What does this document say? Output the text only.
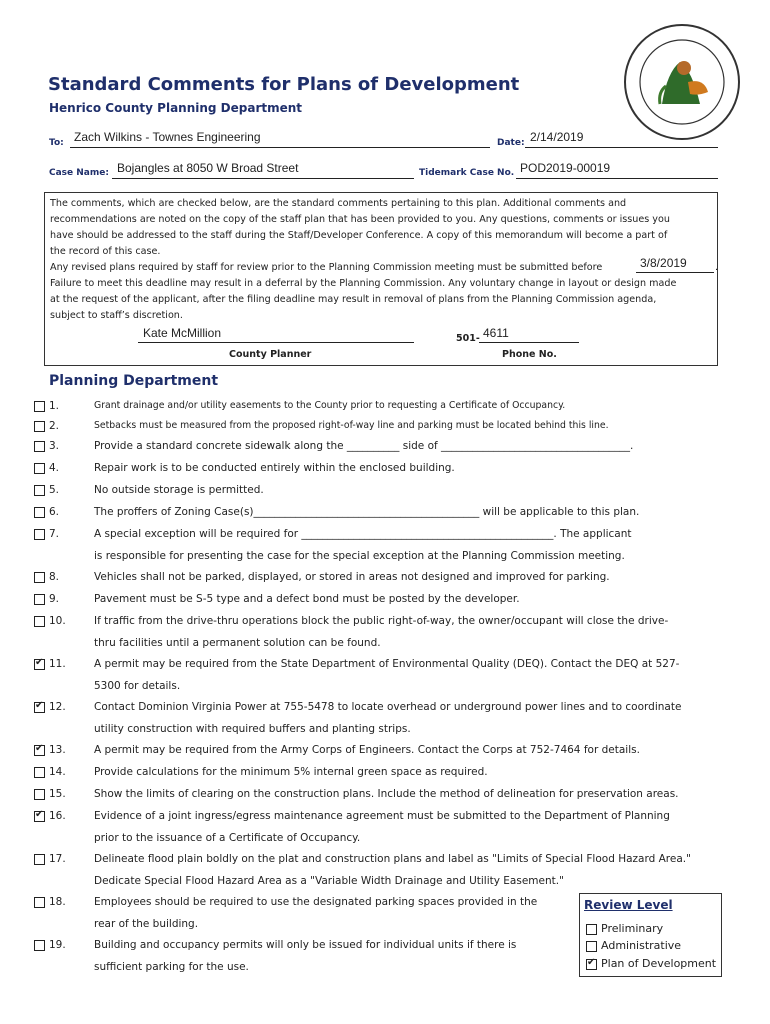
Standard Comments for Plans of Development
Henrico County Planning Department
To: Zach Wilkins - Townes Engineering	Date: 2/14/2019
Case Name: Bojangles at 8050 W Broad Street	Tidemark Case No. POD2019-00019
The comments, which are checked below, are the standard comments pertaining to this plan. Additional comments and
recommendations are noted on the copy of the staff plan that has been provided to you. Any questions, comments or issues you
have should be addressed to the staff during the Staff/Developer Conference. A copy of this memorandum will become a part of
the record of this case.
Any revised plans required by staff for review prior to the Planning Commission meeting must be submitted before	3/8/2019	.
Failure to meet this deadline may result in a deferral by the Planning Commission. Any voluntary change in layout or design made
at the request of the applicant, after the filing deadline may result in removal of plans from the Planning Commission agenda,
subject to staff’s discretion.
Kate McMillion
County Planner
501- 4611
Phone No.
Planning Department
1.	Grant drainage and/or utility easements to the County prior to requesting a Certificate of Occupancy.
2.	Setbacks must be measured from the proposed right-of-way line and parking must be located behind this line.
3.	Provide a standard concrete sidewalk along the __________ side of ____________________________________.
4.	Repair work is to be conducted entirely within the enclosed building.
5.	No outside storage is permitted.
6.	The proffers of Zoning Case(s)___________________________________________ will be applicable to this plan.
7.	A special exception will be required for ________________________________________________. The applicant
is responsible for presenting the case for the special exception at the Planning Commission meeting.
8.	Vehicles shall not be parked, displayed, or stored in areas not designed and improved for parking.
9.	Pavement must be S-5 type and a defect bond must be posted by the developer.
10.	If traffic from the drive-thru operations block the public right-of-way, the owner/occupant will close the drive-
thru facilities until a permanent solution can be found.
✔
11.	A permit may be required from the State Department of Environmental Quality (DEQ). Contact the DEQ at 527-
5300 for details.
✔
12.	Contact Dominion Virginia Power at 755-5478 to locate overhead or underground power lines and to coordinate
utility construction with required buffers and planting strips.
✔
13.	A permit may be required from the Army Corps of Engineers. Contact the Corps at 752-7464 for details.
14.	Provide calculations for the minimum 5% internal green space as required.
15.	Show the limits of clearing on the construction plans. Include the method of delineation for preservation areas.
✔
16.	Evidence of a joint ingress/egress maintenance agreement must be submitted to the Department of Planning
prior to the issuance of a Certificate of Occupancy.
17.	Delineate flood plain boldly on the plat and construction plans and label as "Limits of Special Flood Hazard Area."
Dedicate Special Flood Hazard Area as a "Variable Width Drainage and Utility Easement."
18.	Employees should be required to use the designated parking spaces provided in the
rear of the building.
19.	Building and occupancy permits will only be issued for individual units if there is
sufficient parking for the use.
Review Level
Preliminary
Administrative
✔
Plan of Development
